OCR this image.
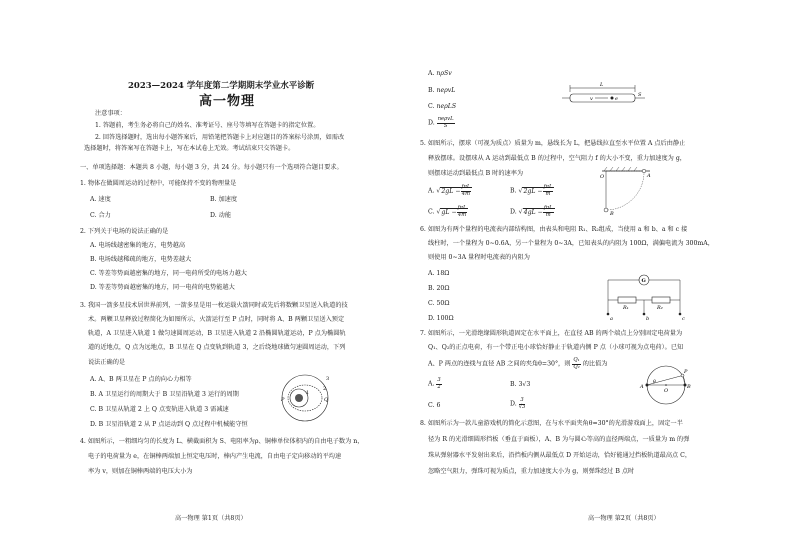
2023—2024 学年度第二学期期末学业水平诊断
高一物理
注意事项：
1. 答题前，考生务必将自己的姓名、准考证号、座号等填写在答题卡的指定位置。
2. 回答选择题时，选出每小题答案后，用铅笔把答题卡上对应题目的答案标号涂黑，如需改
选择题时，将答案写在答题卡上，写在本试卷上无效。考试结束只交答题卡。
一、单项选择题：本题共 8 小题，每小题 3 分，共 24 分。每小题只有一个选项符合题目要求。
1. 物体在做圆周运动的过程中，可能保持不变的物理量是
A. 速度	B. 加速度
C. 合力	D. 动能
2. 下列关于电场的说法正确的是
A. 电场线越密集的地方，电势越高
B. 电场线越稀疏的地方，电势差越大
C. 等差等势面越密集的地方，同一电荷所受的电场力越大
D. 等差等势面越密集的地方，同一电荷的电势能越大
3. 我国一箭多星技术居世界前列，一箭多星是用一枚运载火箭同时或先后将数颗卫星送入轨道的技
术。两颗卫星释放过程简化为如图所示，火箭运行至 P 点时，同时将 A、B 两颗卫星送入预定
轨道，A 卫星进入轨道 1 做匀速圆周运动，B 卫星进入轨道 2 沿椭圆轨道运动，P 点为椭圆轨
道的近地点，Q 点为远地点，B 卫星在 Q 点变轨到轨道 3，之后绕地球做匀速圆周运动，下列
说法正确的是
A. A、B 两卫星在 P 点的向心力相等
B. A 卫星运行的周期大于 B 卫星沿轨道 3 运行的周期
C. B 卫星从轨道 2 上 Q 点变轨进入轨道 3 需减速
D. B 卫星沿轨道 2 从 P 点运动到 Q 点过程中机械能守恒
3
2
1
Q
P
4. 如图所示，一粗细均匀的长度为 L、横截面积为 S、电阻率为ρ、铜棒单位体积内的自由电子数为 n，
电子的电荷量为 e，在铜棒两端加上恒定电压时，棒内产生电流，自由电子定向移动的平均速
率为 v，则加在铜棒两端的电压大小为
高一物理 第1页（共8页）
A. nρSv
B. neρvL
C. neρLS
D. $\frac{\text{neρvL}}{S}$
L
v	e
S
5. 如图所示，摆球（可视为质点）质量为 m，悬线长为 L，把悬线拉直至水平位置 A 点后由静止
释放摆球。设摆球从 A 运动到最低点 B 的过程中，空气阻力 f 的大小不变，重力加速度为 g，
则摆球运动到最低点 B 时的速率为
A. $√2gL - \frac{\text{fπL}}{4m}$	B. $√2gL - \frac{\text{fπL}}{m}$
C. $√gL - \frac{\text{fπL}}{4m}$	D. $√4gL - \frac{\text{fπL}}{m}$
O	A
B
6. 如图为有两个量程的电流表内部结构图，由表头和电阻 R₁、R₂组成，当使用 a 和 b、a 和 c 接
线柱时，一个量程为 0~0.6A，另一个量程为 0~3A，已知表头的内阻为 100Ω，满偏电流为 300mA，
则使用 0~3A 量程时电流表的内阻为
A. 18Ω
B. 20Ω
C. 50Ω
D. 100Ω
G
R₁	R₂
a	b	c
7. 如图所示，一光滑绝缘圆形轨道固定在水平面上，在直径 AB 的两个端点上分别固定电荷量为
Q₁、Q₂的正点电荷，有一个带正电小球恰好静止于轨道内侧 P 点（小球可视为点电荷）。已知
A、P 两点的连线与直径 AB 之间的夹角θ=30°，则 $\frac{\text{Q₁}}{\text{Q₂}}$ 的比值为
A. $\frac{3}{2}$	B. 3√3
C. 6	D. $\frac{3}{√3}$
A	B
O
P
θ
8. 如图所示为一款儿童游戏机的简化示意图，在与水平面夹角θ=30°的光滑游戏面上，固定一半
径为 R 的光滑细圆形挡板（垂直于面板），A、B 为与圆心等高的直径两端点，一质量为 m 的弹
珠从弹射器水平发射出来后，沿挡板内侧从最低点 D 开始运动，恰好能通过挡板轨道最高点 C，
忽略空气阻力，弹珠可视为质点，重力加速度大小为 g，则弹珠经过 B 点时
高一物理 第2页（共8页）
